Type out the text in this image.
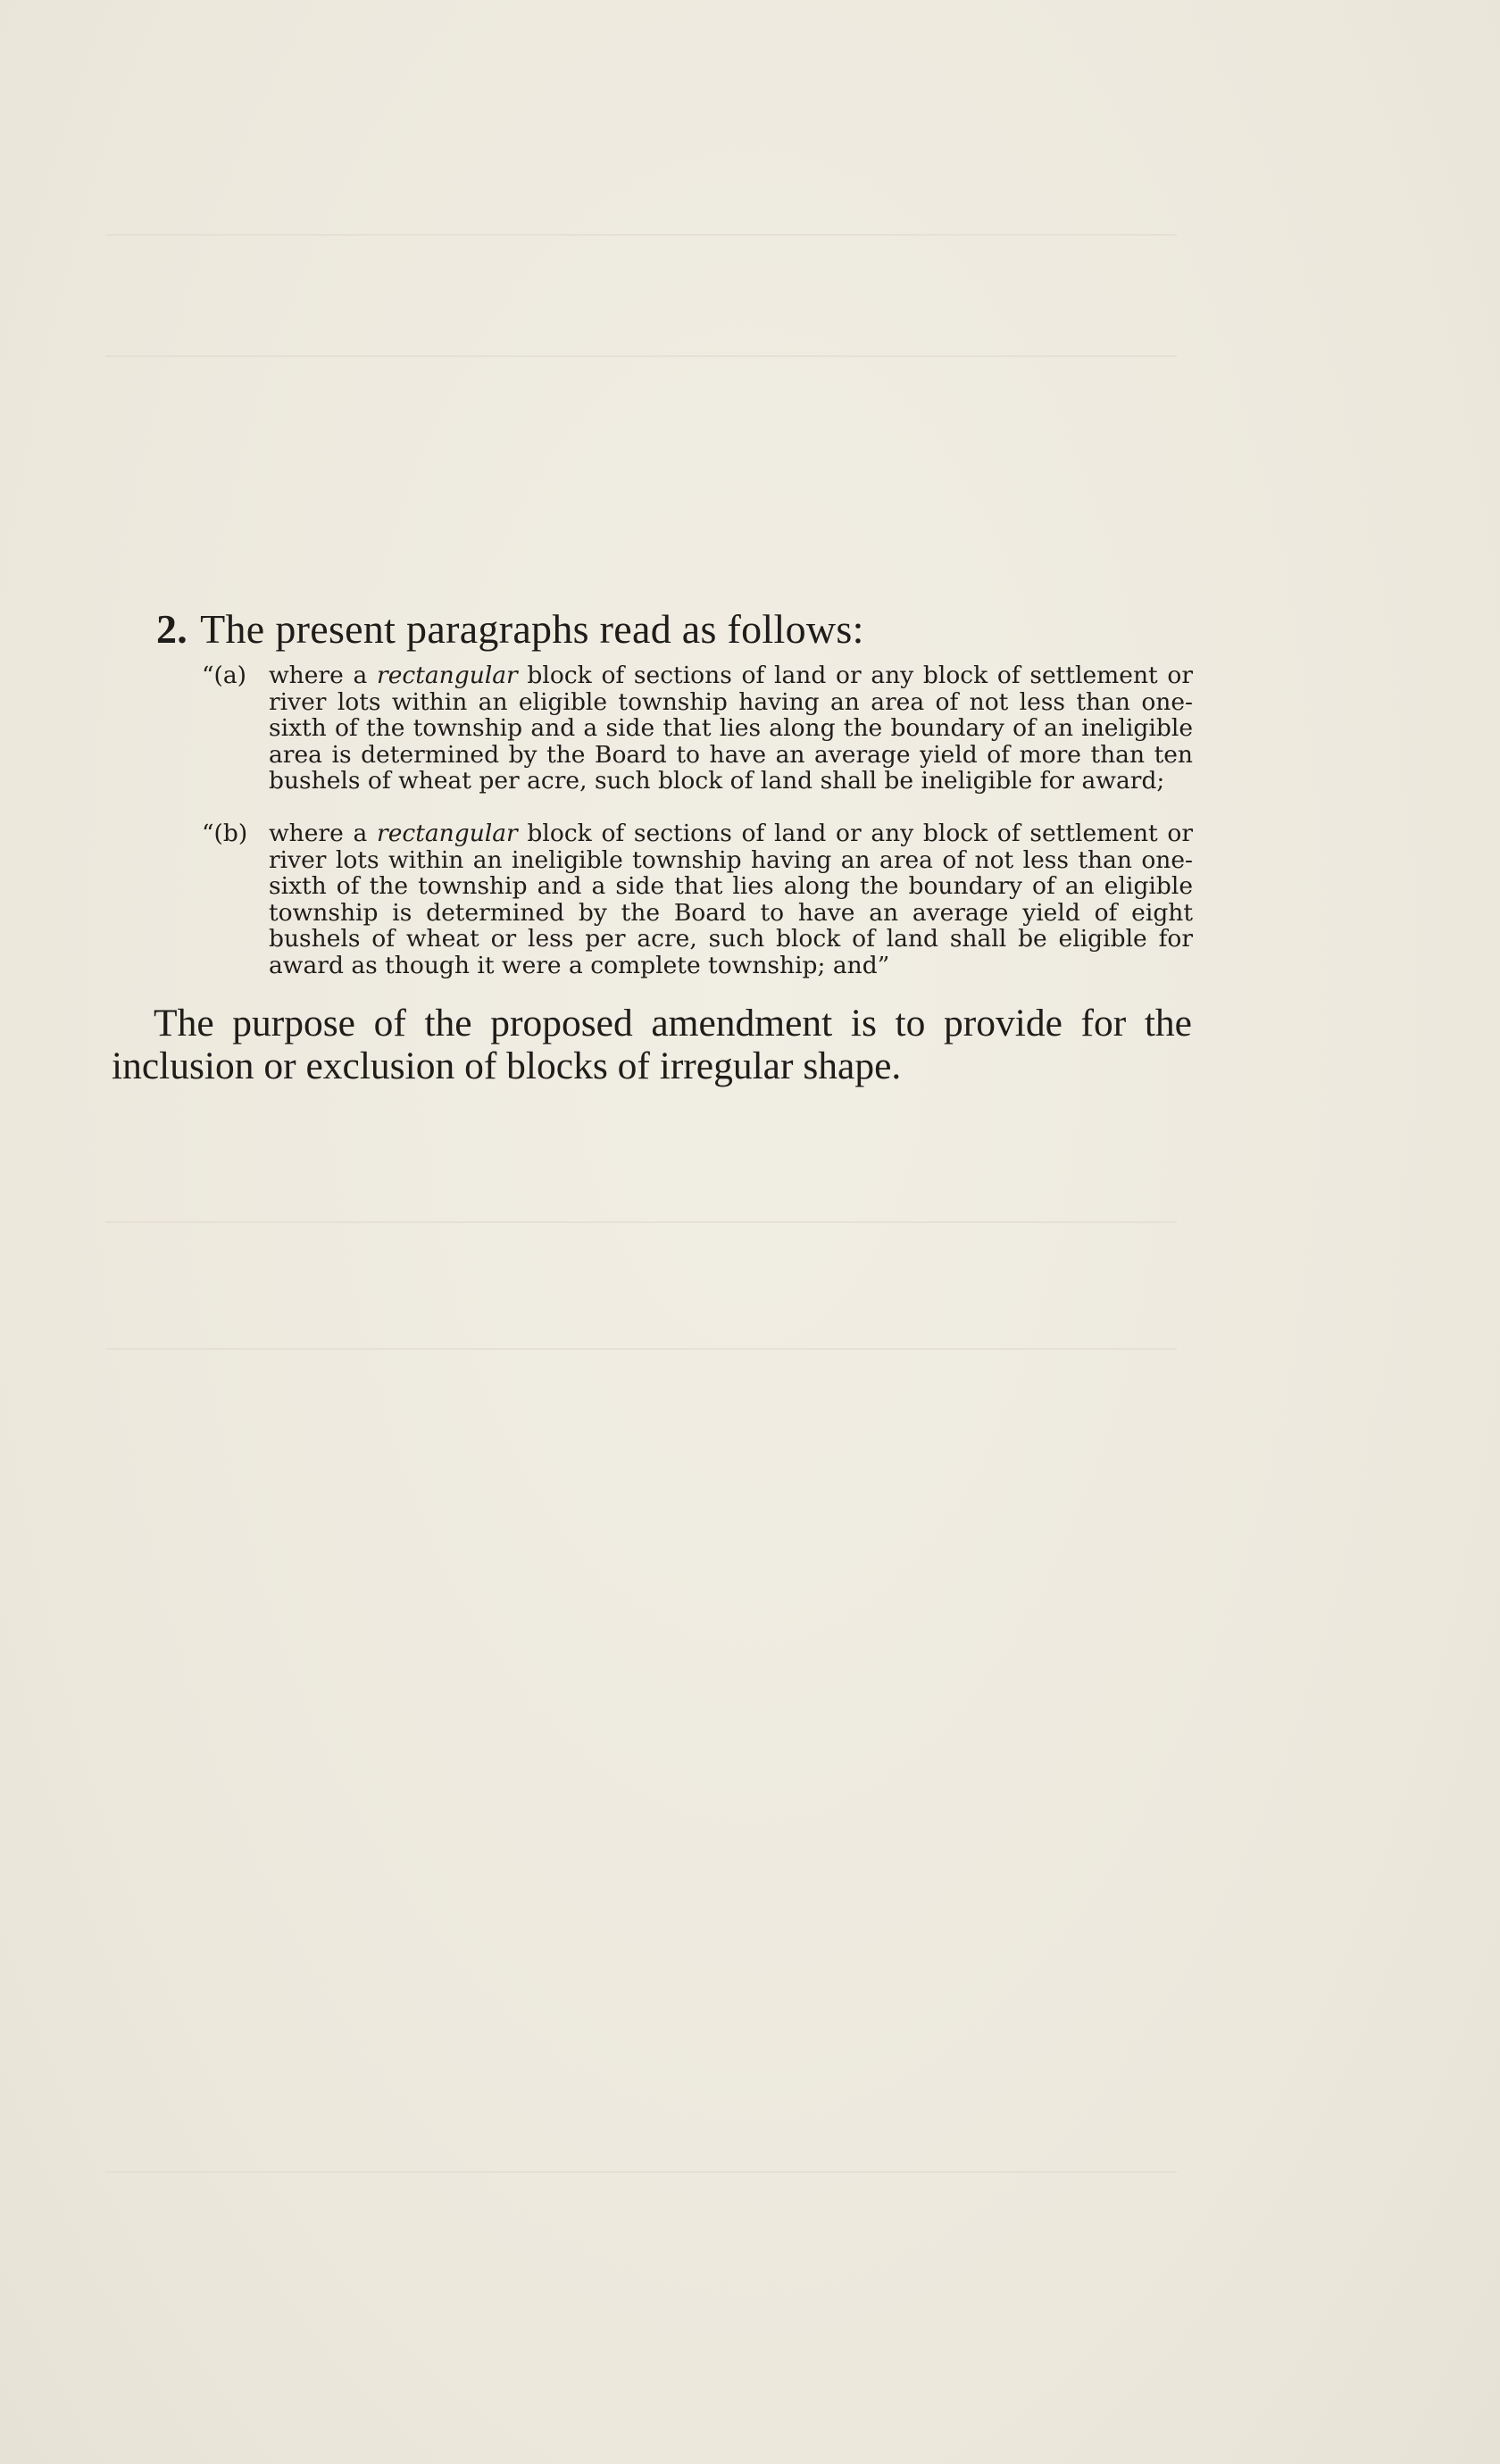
2. The present paragraphs read as follows:
“(a) where a rectangular block of sections of land or any block of settlement or river lots within an eligible township having an area of not less than one-sixth of the township and a side that lies along the boundary of an ineligible area is determined by the Board to have an average yield of more than ten bushels of wheat per acre, such block of land shall be ineligible for award;
“(b) where a rectangular block of sections of land or any block of settlement or river lots within an ineligible township having an area of not less than one-sixth of the township and a side that lies along the boundary of an eligible township is determined by the Board to have an average yield of eight bushels of wheat or less per acre, such block of land shall be eligible for award as though it were a complete township; and”
The purpose of the proposed amendment is to provide for the inclusion or exclusion of blocks of irregular shape.
